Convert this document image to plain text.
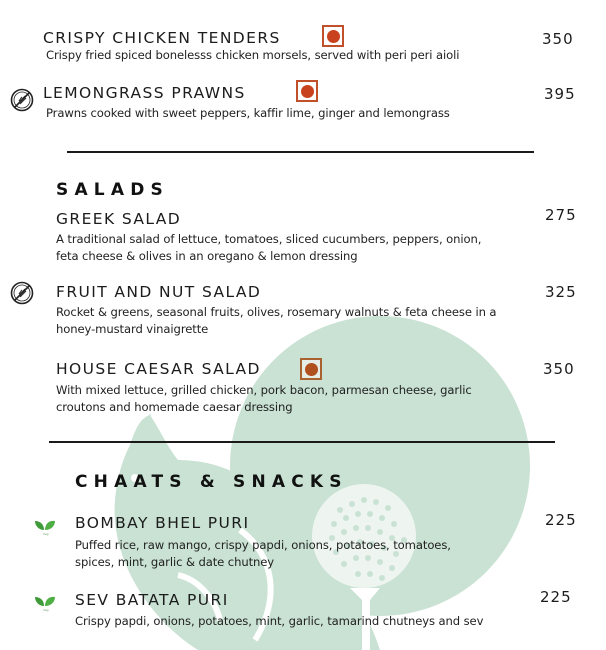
CRISPY CHICKEN TENDERS	350
Crispy fried spiced bonelesss chicken morsels, served with peri peri aioli
LEMONGRASS PRAWNS	395
Prawns cooked with sweet peppers, kaffir lime, ginger and lemongrass
SALADS
GREEK SALAD	275
A traditional salad of lettuce, tomatoes, sliced cucumbers, peppers, onion,
feta cheese & olives in an oregano & lemon dressing
FRUIT AND NUT SALAD	325
Rocket & greens, seasonal fruits, olives, rosemary walnuts & feta cheese in a
honey-mustard vinaigrette
HOUSE CAESAR SALAD	350
With mixed lettuce, grilled chicken, pork bacon, parmesan cheese, garlic
croutons and homemade caesar dressing
CHAATS & SNACKS
Veg
BOMBAY BHEL PURI	225
Puffed rice, raw mango, crispy papdi, onions, potatoes, tomatoes,
spices, mint, garlic & date chutney
Veg
SEV BATATA PURI	225
Crispy papdi, onions, potatoes, mint, garlic, tamarind chutneys and sev
